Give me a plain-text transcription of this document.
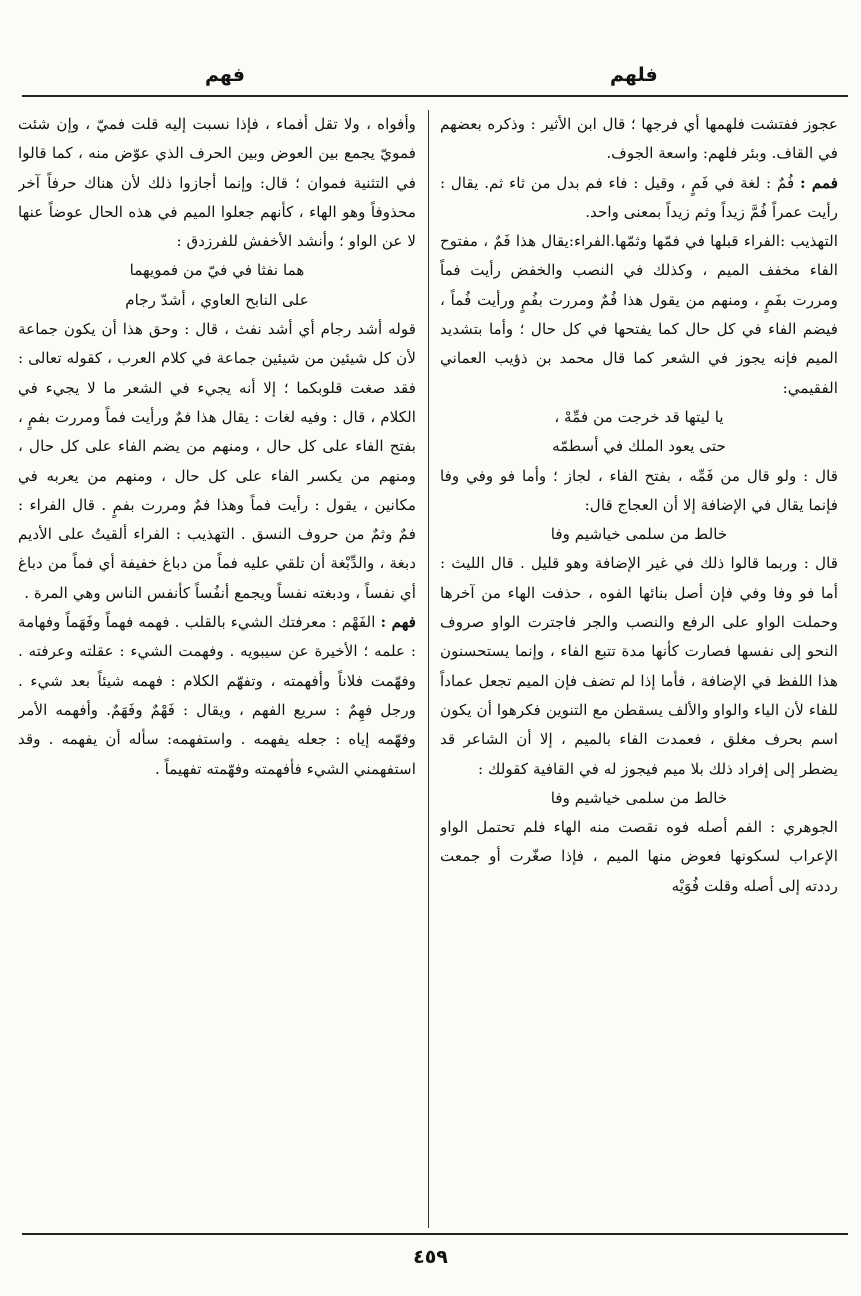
فهم	فلهم

عجوز ففتشت فلهمها أي فرجها ؛ قال ابن الأثير : وذكره بعضهم في القاف. وبئر فلهم: واسعة الجوف.

فمم : فُمٌ : لغة في فَمٍ ، وقيل : فاء فم بدل من ثاء ثم. يقال : رأيت عمراً فُمَّ زيداً وثم زيداً بمعنى واحد.

التهذيب :الفراء قبلها في فمّها وثمّها.الفراء:يقال هذا فَمٌ ، مفتوح الفاء مخفف الميم ، وكذلك في النصب والخفض رأيت فماً ومررت بفَمٍ ، ومنهم من يقول هذا فُمٌ ومررت بفُمٍ ورأيت فُماً ، فيضم الفاء في كل حال كما يفتحها في كل حال ؛ وأما بتشديد الميم فإنه يجوز في الشعر كما قال محمد بن ذؤيب العماني الفقيمي:

يا ليتها قد خرجت من فمِّهْ ،

حتى يعود الملك في أسطمّه

قال : ولو قال من فَمِّه ، بفتح الفاء ، لجاز ؛ وأما فو وفي وفا فإنما يقال في الإضافة إلا أن العجاج قال:

خالط من سلمى خياشيم وفا

قال : وربما قالوا ذلك في غير الإضافة وهو قليل . قال الليث : أما فو وفا وفي فإن أصل بنائها الفوه ، حذفت الهاء من آخرها وحملت الواو على الرفع والنصب والجر فاجترت الواو صروف النحو إلى نفسها فصارت كأنها مدة تتبع الفاء ، وإنما يستحسنون هذا اللفظ في الإضافة ، فأما إذا لم تضف فإن الميم تجعل عماداً للفاء لأن الياء والواو والألف يسقطن مع التنوين فكرهوا أن يكون اسم بحرف مغلق ، فعمدت الفاء بالميم ، إلا أن الشاعر قد يضطر إلى إفراد ذلك بلا ميم فيجوز له في القافية كقولك :

خالط من سلمى خياشيم وفا

الجوهري : الفم أصله فوه نقصت منه الهاء فلم تحتمل الواو الإعراب لسكونها فعوض منها الميم ، فإذا صغّرت أو جمعت رددته إلى أصله وقلت فُوَيْه

وأفواه ، ولا تقل أفماء ، فإذا نسبت إليه قلت فميّ ، وإن شئت فمويّ يجمع بين العوض وبين الحرف الذي عوّض منه ، كما قالوا في التثنية فموان ؛ قال: وإنما أجازوا ذلك لأن هناك حرفاً آخر محذوفاً وهو الهاء ، كأنهم جعلوا الميم في هذه الحال عوضاً عنها لا عن الواو ؛ وأنشد الأخفش للفرزدق :

هما نفثا في فيّ من فمويهما

على النابح العاوي ، أشدّ رجام

قوله أشد رجام أي أشد نفث ، قال : وحق هذا أن يكون جماعة لأن كل شيئين من شيئين جماعة في كلام العرب ، كقوله تعالى : فقد صغت قلوبكما ؛ إلا أنه يجيء في الشعر ما لا يجيء في الكلام ، قال : وفيه لغات : يقال هذا فمٌ ورأيت فماً ومررت بفمٍ ، بفتح الفاء على كل حال ، ومنهم من يضم الفاء على كل حال ، ومنهم من يكسر الفاء على كل حال ، ومنهم من يعربه في مكانين ، يقول : رأيت فماً وهذا فمٌ ومررت بفمٍ . قال الفراء : فمٌ وثمٌ من حروف النسق . التهذيب : الفراء ألقيتُ على الأديم دبغة ، والدِّبْغة أن تلقي عليه فماً من دباغ خفيفة أي فماً من دباغ أي نفساً ، ودبغته نفساً ويجمع أنفُساً كأنفس الناس وهي المرة .

فهم : الفَهْم : معرفتك الشيء بالقلب . فهمه فهماً وفَهَماً وفهامة : علمه ؛ الأخيرة عن سيبويه . وفهمت الشيء : عقلته وعرفته . وفهّمت فلاناً وأفهمته ، وتفهّم الكلام : فهمه شيئاً بعد شيء . ورجل فهِمٌ : سريع الفهم ، ويقال : فَهْمٌ وفَهَمٌ. وأفهمه الأمر وفهّمه إياه : جعله يفهمه . واستفهمه: سأله أن يفهمه . وقد استفهمني الشيء فأفهمته وفهّمته تفهيماً .

٤٥٩
